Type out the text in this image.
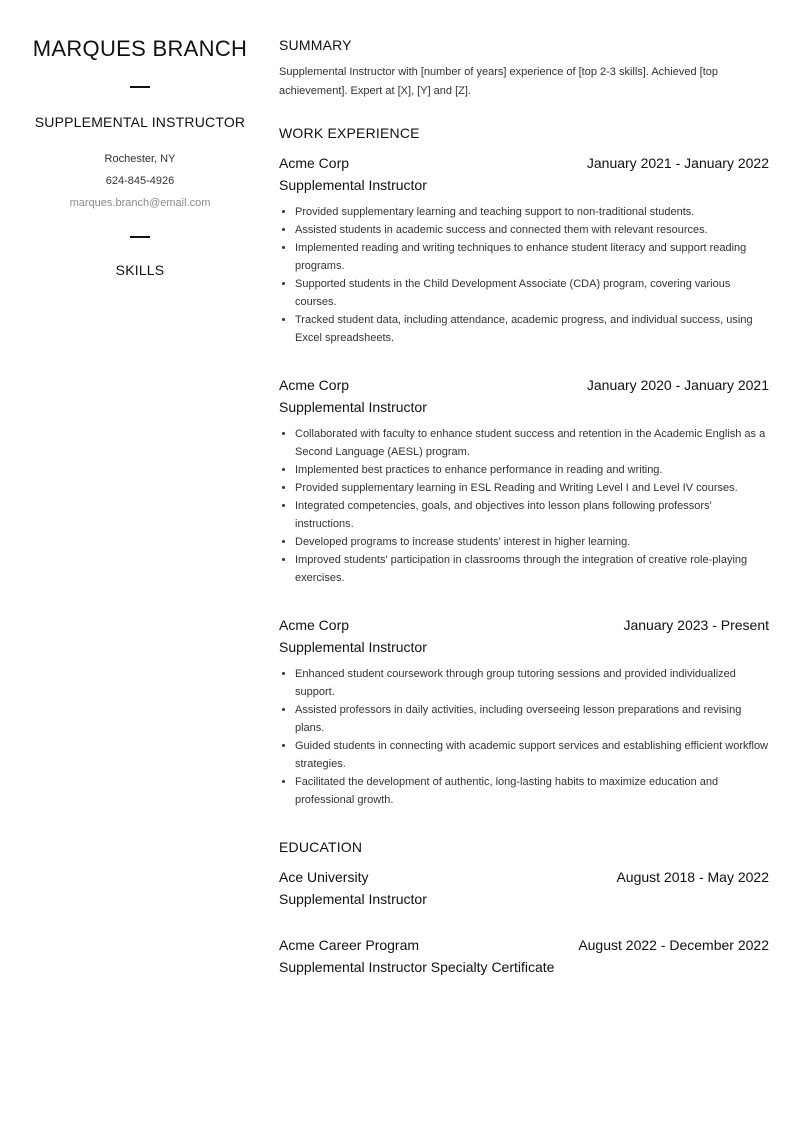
MARQUES BRANCH
SUPPLEMENTAL INSTRUCTOR
Rochester, NY
624-845-4926
marques.branch@email.com
SKILLS
SUMMARY
Supplemental Instructor with [number of years] experience of [top 2-3 skills]. Achieved [top achievement]. Expert at [X], [Y] and [Z].
WORK EXPERIENCE
Acme Corp	January 2021 - January 2022
Supplemental Instructor
• Provided supplementary learning and teaching support to non-traditional students.
• Assisted students in academic success and connected them with relevant resources.
• Implemented reading and writing techniques to enhance student literacy and support reading programs.
• Supported students in the Child Development Associate (CDA) program, covering various courses.
• Tracked student data, including attendance, academic progress, and individual success, using Excel spreadsheets.
Acme Corp	January 2020 - January 2021
Supplemental Instructor
• Collaborated with faculty to enhance student success and retention in the Academic English as a Second Language (AESL) program.
• Implemented best practices to enhance performance in reading and writing.
• Provided supplementary learning in ESL Reading and Writing Level I and Level IV courses.
• Integrated competencies, goals, and objectives into lesson plans following professors' instructions.
• Developed programs to increase students' interest in higher learning.
• Improved students' participation in classrooms through the integration of creative role-playing exercises.
Acme Corp	January 2023 - Present
Supplemental Instructor
• Enhanced student coursework through group tutoring sessions and provided individualized support.
• Assisted professors in daily activities, including overseeing lesson preparations and revising plans.
• Guided students in connecting with academic support services and establishing efficient workflow strategies.
• Facilitated the development of authentic, long-lasting habits to maximize education and professional growth.
EDUCATION
Ace University	August 2018 - May 2022
Supplemental Instructor
Acme Career Program	August 2022 - December 2022
Supplemental Instructor Specialty Certificate
